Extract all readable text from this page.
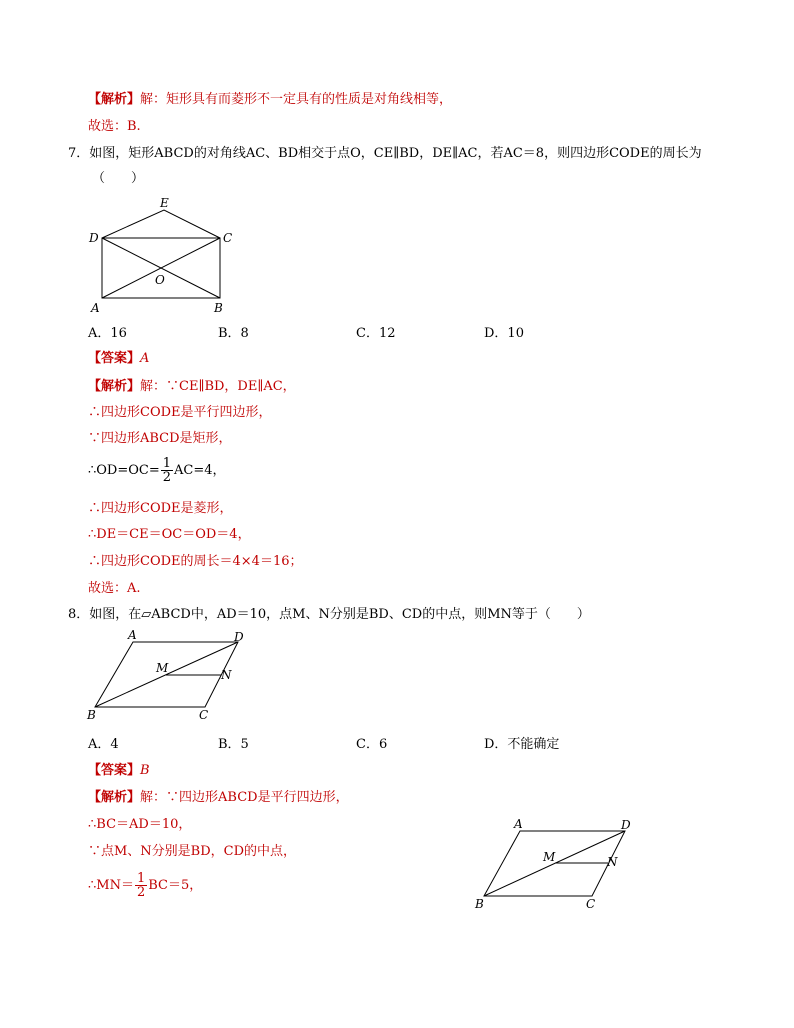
【解析】解：矩形具有而菱形不一定具有的性质是对角线相等，
故选：B.
7．如图，矩形ABCD的对角线AC、BD相交于点O，CE∥BD，DE∥AC，若AC＝8，则四边形CODE的周长为
（　　）
E
D	C
O
A	B
A．16	B．8	C．12	D．10
【答案】A
【解析】解：∵CE∥BD，DE∥AC，
∴四边形CODE是平行四边形，
∵四边形ABCD是矩形，
∴OD=OC= $\frac{1}{2} AC=4$，
∴四边形CODE是菱形，
∴DE＝CE＝OC＝OD＝4，
∴四边形CODE的周长＝4×4＝16；
故选：A.
8．如图，在▱ABCD中，AD＝10，点M、N分别是BD、CD的中点，则MN等于（　　）
A	D
M	N
B	C
A．4	B．5	C．6	D．不能确定
【答案】B
【解析】解：∵四边形ABCD是平行四边形，
∴BC＝AD＝10，
∵点M、N分别是BD，CD的中点，
∴MN＝ $\frac{1}{2} BC=5$，
A	D
M	N
B	C
